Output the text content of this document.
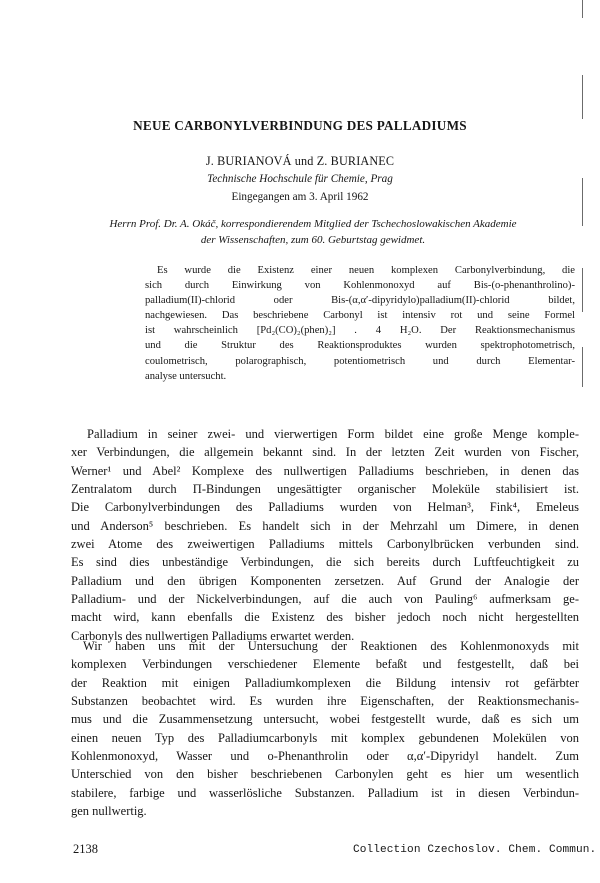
NEUE CARBONYLVERBINDUNG DES PALLADIUMS
J. BURIANOVÁ und Z. BURIANEC
Technische Hochschule für Chemie, Prag
Eingegangen am 3. April 1962
Herrn Prof. Dr. A. Okáč, korrespondierendem Mitglied der Tschechoslowakischen Akademie
der Wissenschaften, zum 60. Geburtstag gewidmet.
Es wurde die Existenz einer neuen komplexen Carbonylverbindung, die
sich durch Einwirkung von Kohlenmonoxyd auf Bis-(o-phenanthrolino)-
palladium(II)-chlorid oder Bis-(α,α′-dipyridylo)palladium(II)-chlorid bildet,
nachgewiesen. Das beschriebene Carbonyl ist intensiv rot und seine Formel
ist wahrscheinlich [Pd₂(CO)₂(phen)₂] . 4 H₂O. Der Reaktionsmechanismus
und die Struktur des Reaktionsproduktes wurden spektrophotometrisch,
coulometrisch, polarographisch, potentiometrisch und durch Elementar-
analyse untersucht.
Palladium in seiner zwei- und vierwertigen Form bildet eine große Menge komple-
xer Verbindungen, die allgemein bekannt sind. In der letzten Zeit wurden von Fischer,
Werner¹ und Abel² Komplexe des nullwertigen Palladiums beschrieben, in denen das
Zentralatom durch Π-Bindungen ungesättigter organischer Moleküle stabilisiert ist.
Die Carbonylverbindungen des Palladiums wurden von Helman³, Fink⁴, Emeleus
und Anderson⁵ beschrieben. Es handelt sich in der Mehrzahl um Dimere, in denen
zwei Atome des zweiwertigen Palladiums mittels Carbonylbrücken verbunden sind.
Es sind dies unbeständige Verbindungen, die sich bereits durch Luftfeuchtigkeit zu
Palladium und den übrigen Komponenten zersetzen. Auf Grund der Analogie der
Palladium- und der Nickelverbindungen, auf die auch von Pauling⁶ aufmerksam ge-
macht wird, kann ebenfalls die Existenz des bisher jedoch noch nicht hergestellten
Carbonyls des nullwertigen Palladiums erwartet werden.
Wir haben uns mit der Untersuchung der Reaktionen des Kohlenmonoxyds mit
komplexen Verbindungen verschiedener Elemente befaßt und festgestellt, daß bei
der Reaktion mit einigen Palladiumkomplexen die Bildung intensiv rot gefärbter
Substanzen beobachtet wird. Es wurden ihre Eigenschaften, der Reaktionsmechanis-
mus und die Zusammensetzung untersucht, wobei festgestellt wurde, daß es sich um
einen neuen Typ des Palladiumcarbonyls mit komplex gebundenen Molekülen von
Kohlenmonoxyd, Wasser und o-Phenanthrolin oder α,α′-Dipyridyl handelt. Zum
Unterschied von den bisher beschriebenen Carbonylen geht es hier um wesentlich
stabilere, farbige und wasserlösliche Substanzen. Palladium ist in diesen Verbindun-
gen nullwertig.
2138	Collection Czechoslov. Chem. Commun.
